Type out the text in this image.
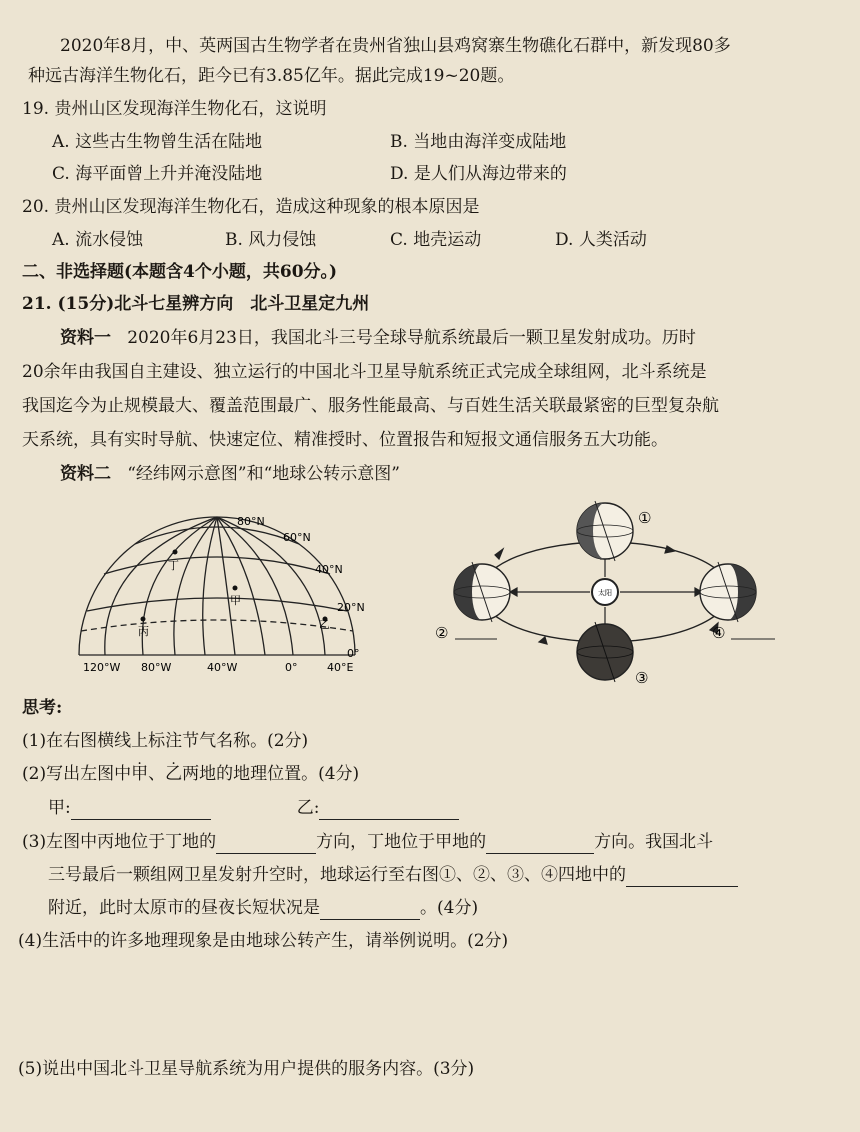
2020年8月，中、英两国古生物学者在贵州省独山县鸡窝寨生物礁化石群中，新发现80多
种远古海洋生物化石，距今已有3.85亿年。据此完成19~20题。
19. 贵州山区发现海洋生物化石，这说明
A. 这些古生物曾生活在陆地	B. 当地由海洋变成陆地
C. 海平面曾上升并淹没陆地	D. 是人们从海边带来的
20. 贵州山区发现海洋生物化石，造成这种现象的根本原因是
A. 流水侵蚀	B. 风力侵蚀	C. 地壳运动	D. 人类活动
二、非选择题(本题含4个小题，共60分。)
21. (15分)北斗七星辨方向　北斗卫星定九州
资料一 2020年6月23日，我国北斗三号全球导航系统最后一颗卫星发射成功。历时
20余年由我国自主建设、独立运行的中国北斗卫星导航系统正式完成全球组网，北斗系统是
我国迄今为止规模最大、覆盖范围最广、服务性能最高、与百姓生活关联最紧密的巨型复杂航
天系统，具有实时导航、快速定位、精准授时、位置报告和短报文通信服务五大功能。
资料二 “经纬网示意图”和“地球公转示意图”
80°N
60°N
40°N
20°N
0°
120°W 80°W	40°W	0°	40°E
丁
甲
丙
乙
太阳
①
②
③
④
思考:
(1)在右图横线上标注节气名称。(2分)
(2)写出左图中甲、乙两地的地理位置。(4分)
甲:	乙:
(3)左图中丙地位于丁地的	方向，丁地位于甲地的	方向。我国北斗
三号最后一颗组网卫星发射升空时，地球运行至右图①、②、③、④四地中的
附近，此时太原市的昼夜长短状况是	。(4分)
(4)生活中的许多地理现象是由地球公转产生，请举例说明。(2分)
(5)说出中国北斗卫星导航系统为用户提供的服务内容。(3分)
